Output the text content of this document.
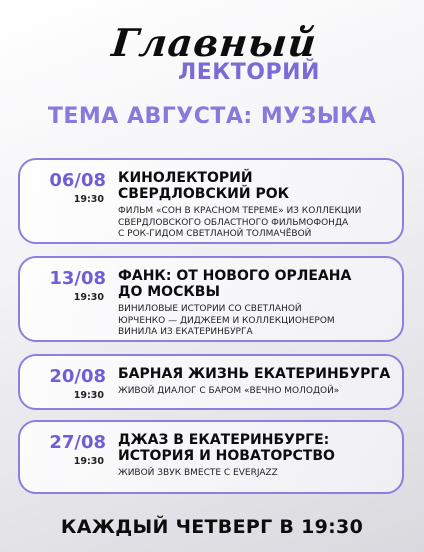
Главный
ЛЕКТОРИЙ
ТЕМА АВГУСТА: МУЗЫКА
06/08
19:30
КИНОЛЕКТОРИЙ
СВЕРДЛОВСКИЙ РОК
ФИЛЬМ «СОН В КРАСНОМ ТЕРЕМЕ» ИЗ КОЛЛЕКЦИИ
СВЕРДЛОВСКОГО ОБЛАСТНОГО ФИЛЬМОФОНДА
С РОК-ГИДОМ СВЕТЛАНОЙ ТОЛМАЧЁВОЙ
13/08
19:30
ФАНК: ОТ НОВОГО ОРЛЕАНА
ДО МОСКВЫ
ВИНИЛОВЫЕ ИСТОРИИ СО СВЕТЛАНОЙ
ЮРЧЕНКО — ДИДЖЕЕМ И КОЛЛЕКЦИОНЕРОМ
ВИНИЛА ИЗ ЕКАТЕРИНБУРГА
20/08
19:30
БАРНАЯ ЖИЗНЬ ЕКАТЕРИНБУРГА
ЖИВОЙ ДИАЛОГ С БАРОМ «ВЕЧНО МОЛОДОЙ»
27/08
19:30
ДЖАЗ В ЕКАТЕРИНБУРГЕ:
ИСТОРИЯ И НОВАТОРСТВО
ЖИВОЙ ЗВУК ВМЕСТЕ С EVERJAZZ
КАЖДЫЙ ЧЕТВЕРГ В 19:30
